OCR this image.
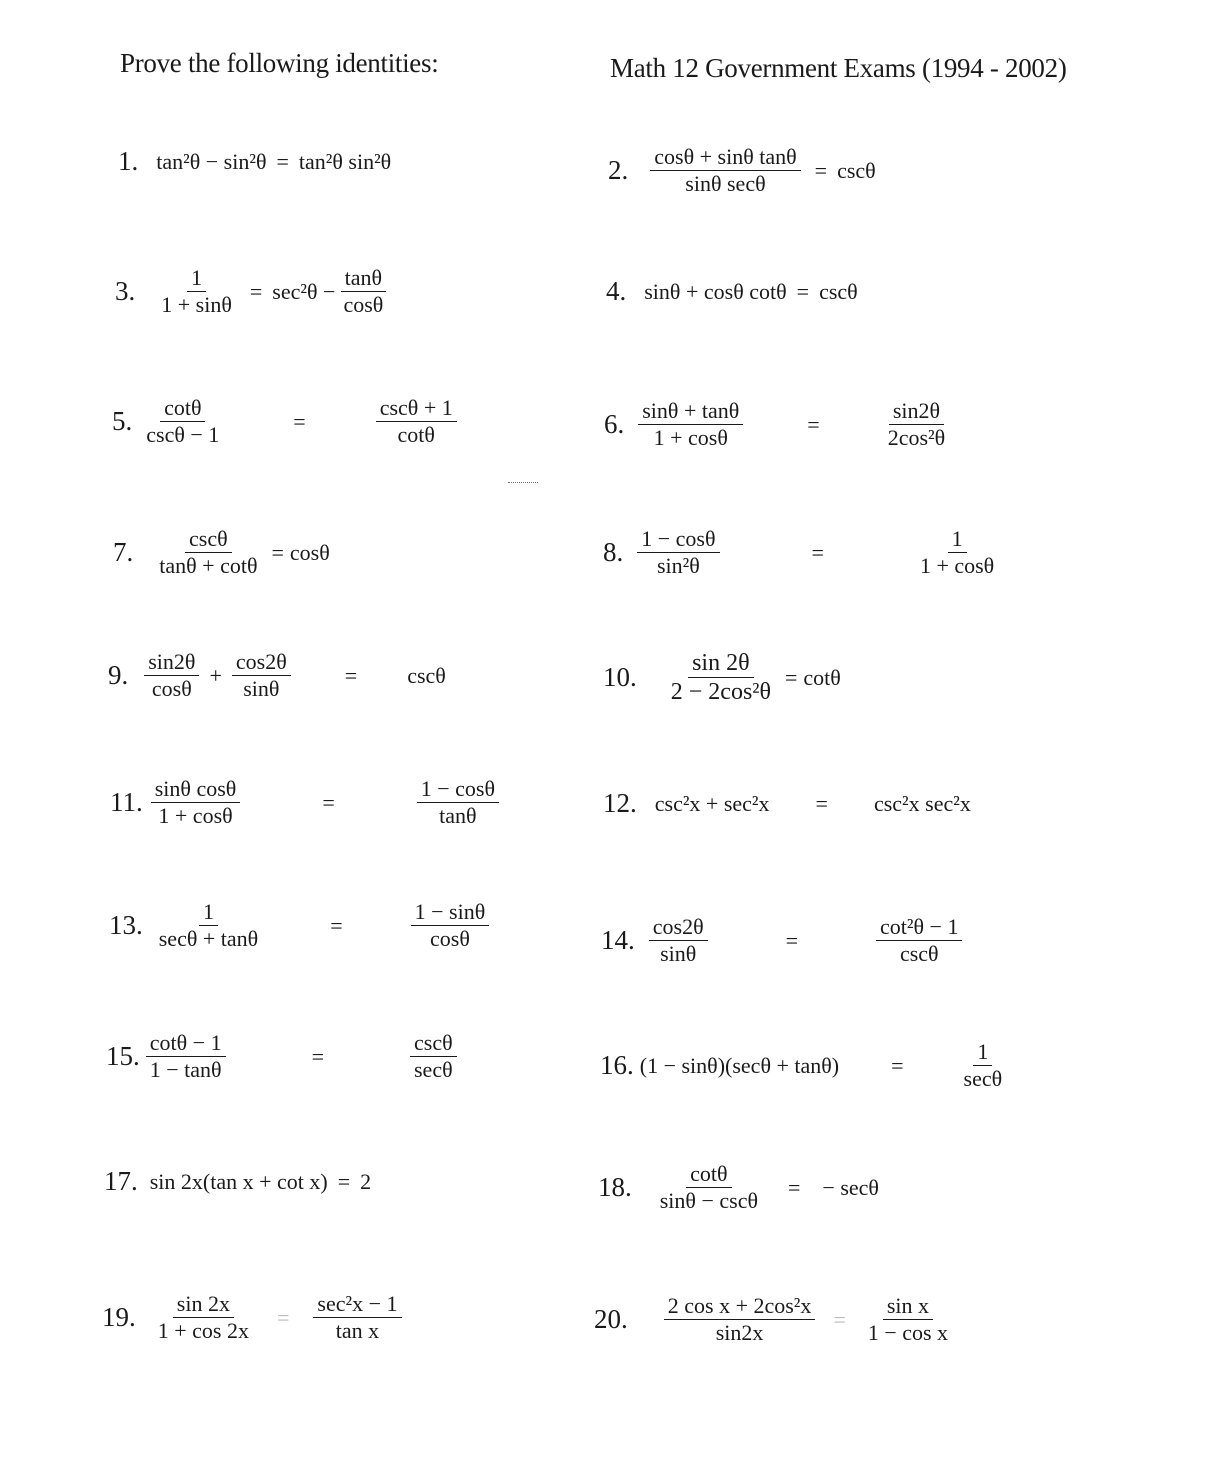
Prove the following identities:	Math 12 Government Exams (1994 - 2002)
1. tan²θ − sin²θ = tan²θ sin²θ	2. $\frac{\text{cosθ + sinθ tanθ}}{\text{sinθ secθ}} = \csc\theta$
3. $\frac{1}{1 + \sin\theta} = \sec^2\theta - \frac{\tan\theta}{\cos\theta}$	4. sinθ + cosθ cotθ = cscθ
5. $\frac{\cot\theta}{\csc\theta - 1}$	=	$\frac{\csc\theta + 1}{\cot\theta}$	6. $\frac{\sin\theta + \tan\theta}{1 + \cos\theta}$	=	$\frac{\sin 2\theta}{\text{2cos²θ}}$
7. $\frac{\csc\theta}{\tan\theta + \cot\theta} = \cos\theta$	8. $\frac{1 - \cos\theta}{\text{sin²θ}}$	=	$\frac{1}{1 + \cos\theta}$
9. $\frac{\sin 2\theta}{\cos\theta} + \frac{\cos 2\theta}{\sin\theta} = \csc\theta$	10. $\frac{\sin 2\theta}{\text{2 − 2cos²θ}} = \cot\theta$
11. $\frac{\text{sinθ cosθ}}{1 + \cos\theta}$	=	$\frac{1 - \cos\theta}{\tan\theta}$	12. csc²x + sec²x = csc²x sec²x
13. $\frac{1}{\sec\theta + \tan\theta}$	=	$\frac{1 - \sin\theta}{\cos\theta}$	14. $\frac{\cos 2\theta}{\sin\theta}$	=	$\frac{\text{cot²θ − 1}}{\csc\theta}$
15. $\frac{\cot\theta - 1}{1 - \tan\theta}$	=	$\frac{\csc\theta}{\sec\theta}$	16. (1 − sinθ)(secθ + tanθ) =	$\frac{1}{\sec\theta}$
17. sin 2x(tan x + cot x) = 2	18. $\frac{\cot\theta}{\sin\theta - \csc\theta}$ = − secθ
19. $\frac{\sin 2x}{1 + \cos 2x} = \frac{\text{sec²x − 1}}{\text{tan x}}$	20. $\frac{\text{2 cos x + 2cos²x}}{\sin 2x} = \frac{\text{sin x}}{\text{1 − cos x}}$
